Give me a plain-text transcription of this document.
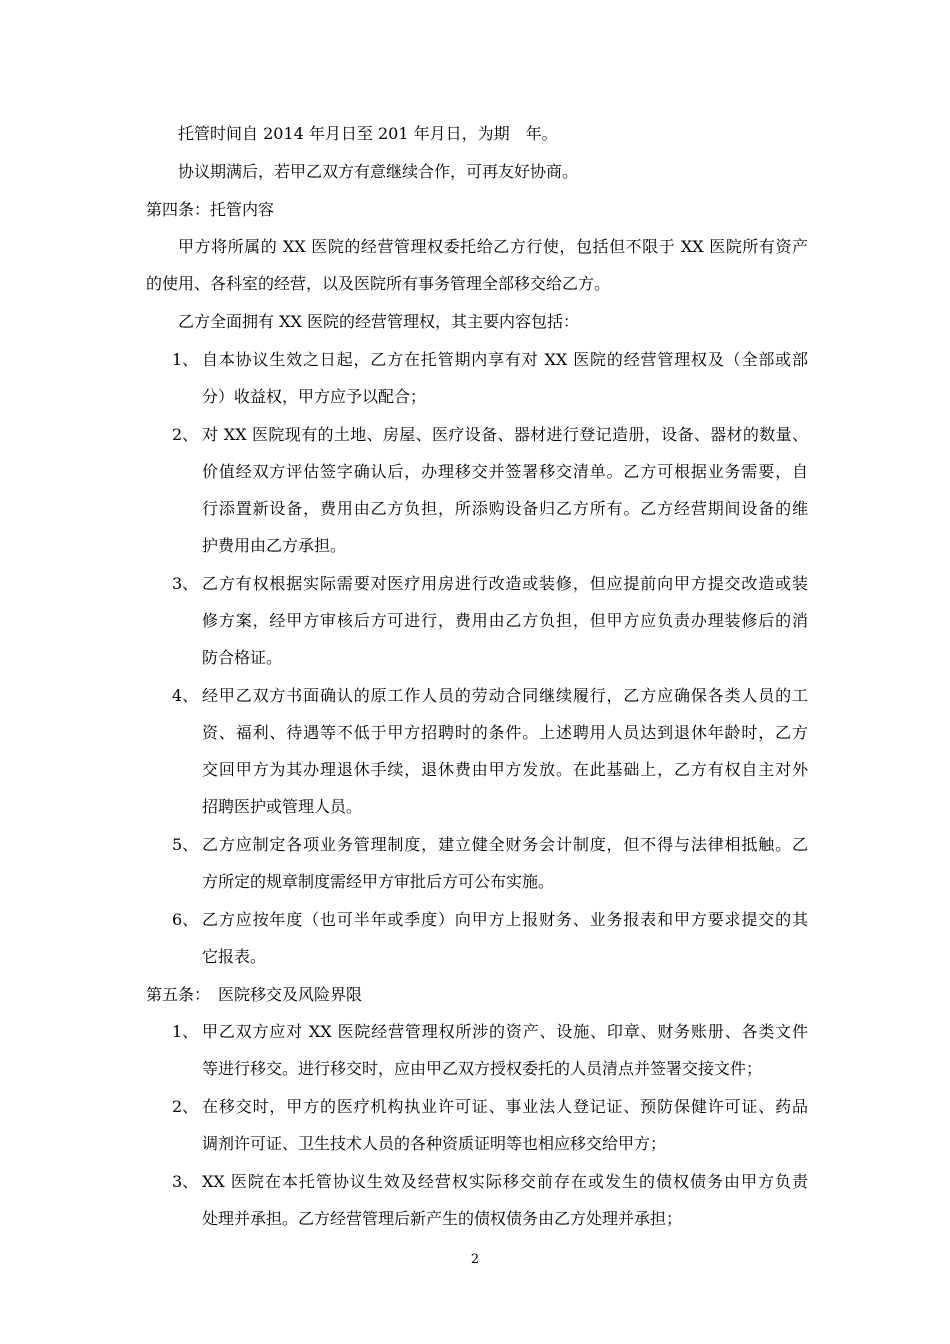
托管时间自 2014 年月日至 201 年月日，为期　年。
协议期满后，若甲乙双方有意继续合作，可再友好协商。
第四条：托管内容
甲方将所属的 XX 医院的经营管理权委托给乙方行使，包括但不限于 XX 医院所有资产
的使用、各科室的经营，以及医院所有事务管理全部移交给乙方。
乙方全面拥有 XX 医院的经营管理权，其主要内容包括：
1、 自本协议生效之日起，乙方在托管期内享有对 XX 医院的经营管理权及（全部或部
分）收益权，甲方应予以配合；
2、 对 XX 医院现有的土地、房屋、医疗设备、器材进行登记造册，设备、器材的数量、
价值经双方评估签字确认后，办理移交并签署移交清单。乙方可根据业务需要，自
行添置新设备，费用由乙方负担，所添购设备归乙方所有。乙方经营期间设备的维
护费用由乙方承担。
3、 乙方有权根据实际需要对医疗用房进行改造或装修，但应提前向甲方提交改造或装
修方案，经甲方审核后方可进行，费用由乙方负担，但甲方应负责办理装修后的消
防合格证。
4、 经甲乙双方书面确认的原工作人员的劳动合同继续履行，乙方应确保各类人员的工
资、福利、待遇等不低于甲方招聘时的条件。上述聘用人员达到退休年龄时，乙方
交回甲方为其办理退休手续，退休费由甲方发放。在此基础上，乙方有权自主对外
招聘医护或管理人员。
5、 乙方应制定各项业务管理制度，建立健全财务会计制度，但不得与法律相抵触。乙
方所定的规章制度需经甲方审批后方可公布实施。
6、 乙方应按年度（也可半年或季度）向甲方上报财务、业务报表和甲方要求提交的其
它报表。
第五条：　医院移交及风险界限
1、 甲乙双方应对 XX 医院经营管理权所涉的资产、设施、印章、财务账册、各类文件
等进行移交。进行移交时，应由甲乙双方授权委托的人员清点并签署交接文件；
2、 在移交时，甲方的医疗机构执业许可证、事业法人登记证、预防保健许可证、药品
调剂许可证、卫生技术人员的各种资质证明等也相应移交给甲方；
3、 XX 医院在本托管协议生效及经营权实际移交前存在或发生的债权债务由甲方负责
处理并承担。乙方经营管理后新产生的债权债务由乙方处理并承担；
2
